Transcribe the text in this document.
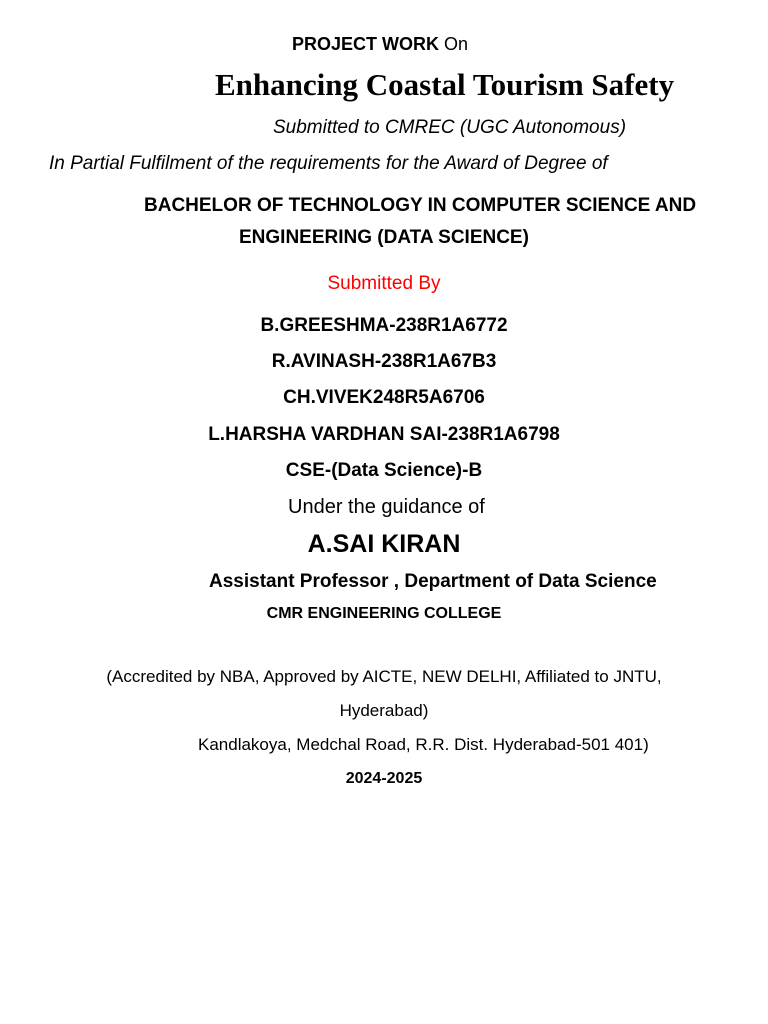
PROJECT WORK On
Enhancing Coastal Tourism Safety
Submitted to CMREC (UGC Autonomous)
In Partial Fulfilment of the requirements for the Award of Degree of
BACHELOR OF TECHNOLOGY IN COMPUTER SCIENCE AND
ENGINEERING (DATA SCIENCE)
Submitted By
B.GREESHMA-238R1A6772
R.AVINASH-238R1A67B3
CH.VIVEK248R5A6706
L.HARSHA VARDHAN SAI-238R1A6798
CSE-(Data Science)-B
Under the guidance of
A.SAI KIRAN
Assistant Professor , Department of Data Science
CMR ENGINEERING COLLEGE
(Accredited by NBA, Approved by AICTE, NEW DELHI, Affiliated to JNTU,
Hyderabad)
Kandlakoya, Medchal Road, R.R. Dist. Hyderabad-501 401)
2024-2025
